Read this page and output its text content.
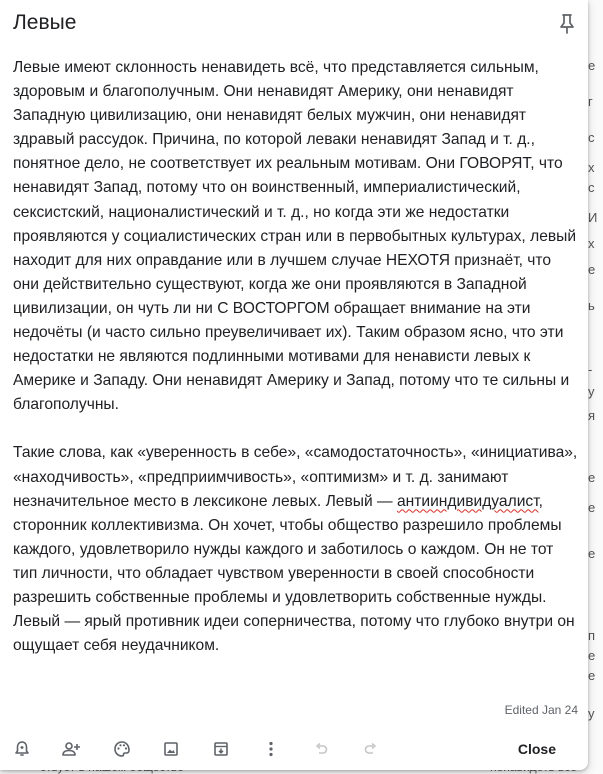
е
г
с
х
с
И
х
е
ь
-
у
я
е
е
е
п
е
е
у
Левые

Левые имеют склонность ненавидеть всё, что представляется сильным, здоровым и благополучным. Они ненавидят Америку, они ненавидят Западную цивилизацию, они ненавидят белых мужчин, они ненавидят здравый рассудок. Причина, по которой леваки ненавидят Запад и т. д., понятное дело, не соответствует их реальным мотивам. Они ГОВОРЯТ, что ненавидят Запад, потому что он воинственный, империалистический, сексистский, националистический и т. д., но когда эти же недостатки проявляются у социалистических стран или в первобытных культурах, левый находит для них оправдание или в лучшем случае НЕХОТЯ признаёт, что они действительно существуют, когда же они проявляются в Западной цивилизации, он чуть ли ни С ВОСТОРГОМ обращает внимание на эти недочёты (и часто сильно преувеличивает их). Таким образом ясно, что эти недостатки не являются подлинными мотивами для ненависти левых к Америке и Западу. Они ненавидят Америку и Запад, потому что те сильны и благополучны.

Такие слова, как «уверенность в себе», «самодостаточность», «инициатива», «находчивость», «предприимчивость», «оптимизм» и т. д. занимают незначительное место в лексиконе левых. Левый — антииндивидуалист, сторонник коллективизма. Он хочет, чтобы общество разрешило проблемы каждого, удовлетворило нужды каждого и заботилось о каждом. Он не тот тип личности, что обладает чувством уверенности в своей способности разрешить собственные проблемы и удовлетворить собственные нужды. Левый — ярый противник идеи соперничества, потому что глубоко внутри он ощущает себя неудачником.

Edited Jan 24
Close
